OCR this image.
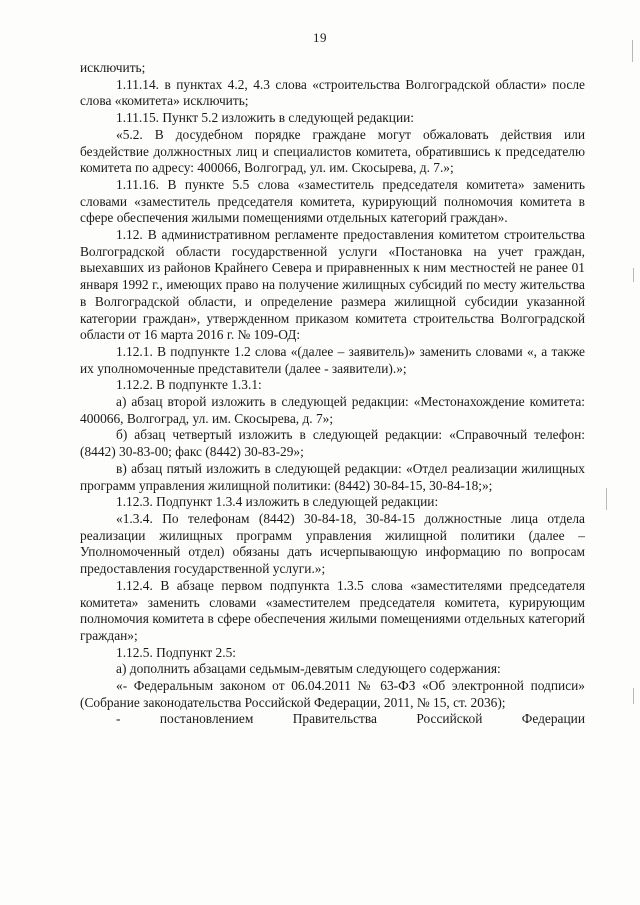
19

исключить;

1.11.14. в пунктах 4.2, 4.3 слова «строительства Волгоградской области» после слова «комитета» исключить;

1.11.15. Пункт 5.2 изложить в следующей редакции:

«5.2. В досудебном порядке граждане могут обжаловать действия или бездействие должностных лиц и специалистов комитета, обратившись к председателю комитета по адресу: 400066, Волгоград, ул. им. Скосырева, д. 7.»;

1.11.16. В пункте 5.5 слова «заместитель председателя комитета» заменить словами «заместитель председателя комитета, курирующий полномочия комитета в сфере обеспечения жилыми помещениями отдельных категорий граждан».

1.12. В административном регламенте предоставления комитетом строительства Волгоградской области государственной услуги «Постановка на учет граждан, выехавших из районов Крайнего Севера и приравненных к ним местностей не ранее 01 января 1992 г., имеющих право на получение жилищных субсидий по месту жительства в Волгоградской области, и определение размера жилищной субсидии указанной категории граждан», утвержденном приказом комитета строительства Волгоградской области от 16 марта 2016 г. № 109-ОД:

1.12.1. В подпункте 1.2 слова «(далее – заявитель)» заменить словами «, а также их уполномоченные представители (далее - заявители).»;

1.12.2. В подпункте 1.3.1:

а) абзац второй изложить в следующей редакции: «Местонахождение комитета: 400066, Волгоград, ул. им. Скосырева, д. 7»;

б) абзац четвертый изложить в следующей редакции: «Справочный телефон: (8442) 30-83-00; факс (8442) 30-83-29»;

в) абзац пятый изложить в следующей редакции: «Отдел реализации жилищных программ управления жилищной политики: (8442) 30-84-15, 30-84-18;»;

1.12.3. Подпункт 1.3.4 изложить в следующей редакции:

«1.3.4. По телефонам (8442) 30-84-18, 30-84-15 должностные лица отдела реализации жилищных программ управления жилищной политики (далее – Уполномоченный отдел) обязаны дать исчерпывающую информацию по вопросам предоставления государственной услуги.»;

1.12.4. В абзаце первом подпункта 1.3.5 слова «заместителями председателя комитета» заменить словами «заместителем председателя комитета, курирующим полномочия комитета в сфере обеспечения жилыми помещениями отдельных категорий граждан»;

1.12.5. Подпункт 2.5:

а) дополнить абзацами седьмым-девятым следующего содержания:

«- Федеральным законом от 06.04.2011 № 63-ФЗ «Об электронной подписи» (Собрание законодательства Российской Федерации, 2011, № 15, ст. 2036);

- постановлением Правительства Российской Федерации
